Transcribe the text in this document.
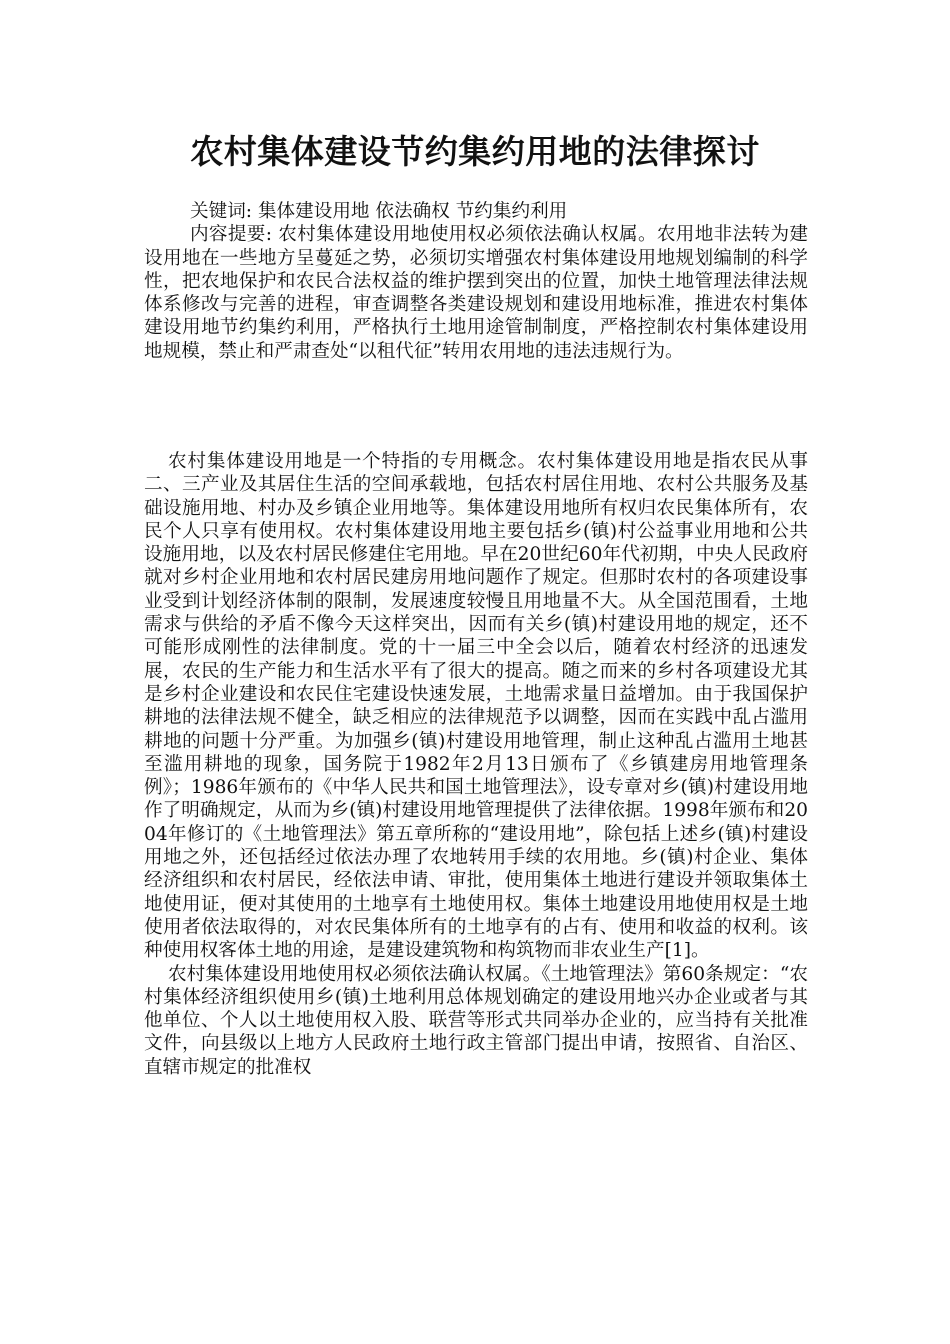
农村集体建设节约集约用地的法律探讨

关键词: 集体建设用地 依法确权 节约集约利用

内容提要: 农村集体建设用地使用权必须依法确认权属。农用地非法转为建设用地在一些地方呈蔓延之势，必须切实增强农村集体建设用地规划编制的科学性，把农地保护和农民合法权益的维护摆到突出的位置，加快土地管理法律法规体系修改与完善的进程，审查调整各类建设规划和建设用地标准，推进农村集体建设用地节约集约利用，严格执行土地用途管制制度，严格控制农村集体建设用地规模，禁止和严肃查处“以租代征”转用农用地的违法违规行为。

农村集体建设用地是一个特指的专用概念。农村集体建设用地是指农民从事二、三产业及其居住生活的空间承载地，包括农村居住用地、农村公共服务及基础设施用地、村办及乡镇企业用地等。集体建设用地所有权归农民集体所有，农民个人只享有使用权。农村集体建设用地主要包括乡(镇)村公益事业用地和公共设施用地，以及农村居民修建住宅用地。早在20世纪60年代初期，中央人民政府就对乡村企业用地和农村居民建房用地问题作了规定。但那时农村的各项建设事业受到计划经济体制的限制，发展速度较慢且用地量不大。从全国范围看，土地需求与供给的矛盾不像今天这样突出，因而有关乡(镇)村建设用地的规定，还不可能形成刚性的法律制度。党的十一届三中全会以后，随着农村经济的迅速发展，农民的生产能力和生活水平有了很大的提高。随之而来的乡村各项建设尤其是乡村企业建设和农民住宅建设快速发展，土地需求量日益增加。由于我国保护耕地的法律法规不健全，缺乏相应的法律规范予以调整，因而在实践中乱占滥用耕地的问题十分严重。为加强乡(镇)村建设用地管理，制止这种乱占滥用土地甚至滥用耕地的现象，国务院于1982年2月13日颁布了《乡镇建房用地管理条例》；1986年颁布的《中华人民共和国土地管理法》，设专章对乡(镇)村建设用地作了明确规定，从而为乡(镇)村建设用地管理提供了法律依据。1998年颁布和2004年修订的《土地管理法》第五章所称的“建设用地”，除包括上述乡(镇)村建设用地之外，还包括经过依法办理了农地转用手续的农用地。乡(镇)村企业、集体经济组织和农村居民，经依法申请、审批，使用集体土地进行建设并领取集体土地使用证，便对其使用的土地享有土地使用权。集体土地建设用地使用权是土地使用者依法取得的，对农民集体所有的土地享有的占有、使用和收益的权利。该种使用权客体土地的用途，是建设建筑物和构筑物而非农业生产[1]。

农村集体建设用地使用权必须依法确认权属。《土地管理法》第60条规定：“农村集体经济组织使用乡(镇)土地利用总体规划确定的建设用地兴办企业或者与其他单位、个人以土地使用权入股、联营等形式共同举办企业的，应当持有关批准文件，向县级以上地方人民政府土地行政主管部门提出申请，按照省、自治区、直辖市规定的批准权
